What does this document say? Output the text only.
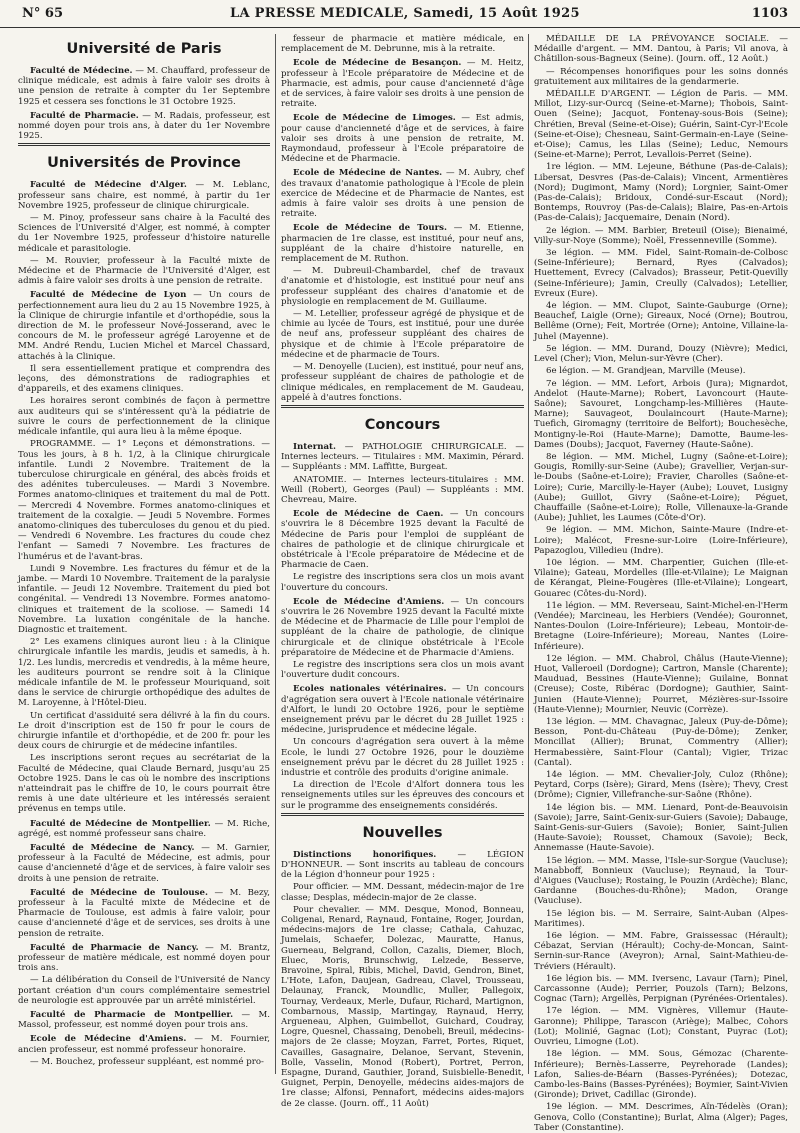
N° 65	LA PRESSE MEDICALE, Samedi, 15 Août 1925	1103
Université de Paris
Faculté de Médecine. — M. Chauffard, professeur de clinique médicale, est admis à faire valoir ses droits à une pension de retraite à compter du 1er Septembre 1925 et cessera ses fonctions le 31 Octobre 1925.
Faculté de Pharmacie. — M. Radais, professeur, est nommé doyen pour trois ans, à dater du 1er Novembre 1925.
Universités de Province
Faculté de Médecine d'Alger. — M. Leblanc, professeur sans chaire, est nommé, à partir du 1er Novembre 1925, professeur de clinique chirurgicale.
— M. Pinoy, professeur sans chaire à la Faculté des Sciences de l'Université d'Alger, est nommé, à compter du 1er Novembre 1925, professeur d'histoire naturelle médicale et parasitologie.
— M. Rouvier, professeur à la Faculté mixte de Médecine et de Pharmacie de l'Université d'Alger, est admis à faire valoir ses droits à une pension de retraite.
Faculté de Médecine de Lyon — Un cours de perfectionnement aura lieu du 2 au 15 Novembre 1925, à la Clinique de chirurgie infantile et d'orthopédie, sous la direction de M. le professeur Nové-Josserand, avec le concours de M. le professeur agrégé Laroyenne et de MM. André Rendu, Lucien Michel et Marcel Chassard, attachés à la Clinique.
Il sera essentiellement pratique et comprendra des leçons, des démonstrations de radiographies et d'appareils, et des examens cliniques.
Les horaires seront combinés de façon à permettre aux auditeurs qui se s'intéressent qu'à la pédiatrie de suivre le cours de perfectionnement de la clinique médicale infantile, qui aura lieu à la même époque.
PROGRAMME. — 1° Leçons et démonstrations. — Tous les jours, à 8 h. 1/2, à la Clinique chirurgicale infantile. Lundi 2 Novembre. Traitement de la tuberculose chirurgicale en général, des abcès froids et des adénites tuberculeuses. — Mardi 3 Novembre. Formes anatomo-cliniques et traitement du mal de Pott. — Mercredi 4 Novembre. Formes anatomo-cliniques et traitement de la coxalgie. — Jeudi 5 Novembre. Formes anatomo-cliniques des tuberculoses du genou et du pied. — Vendredi 6 Novembre. Les fractures du coude chez l'enfant — Samedi 7 Novembre. Les fractures de l'humérus et de l'avant-bras.
Lundi 9 Novembre. Les fractures du fémur et de la jambe. — Mardi 10 Novembre. Traitement de la paralysie infantile. — Jeudi 12 Novembre. Traitement du pied bot congénital. — Vendredi 13 Novembre. Formes anatomo-cliniques et traitement de la scoliose. — Samedi 14 Novembre. La luxation congénitale de la hanche. Diagnostic et traitement.
2° Les examens cliniques auront lieu : à la Clinique chirurgicale infantile les mardis, jeudis et samedis, à h. 1/2. Les lundis, mercredis et vendredis, à la même heure, les auditeurs pourront se rendre soit à la Clinique médicale infantile de M. le professeur Mouriquand, soit dans le service de chirurgie orthopédique des adultes de M. Laroyenne, à l'Hôtel-Dieu.
Un certificat d'assiduité sera délivré à la fin du cours. Le droit d'inscription est de 150 fr pour le cours de chirurgie infantile et d'orthopédie, et de 200 fr. pour les deux cours de chirurgie et de médecine infantiles.
Les inscriptions seront reçues au secrétariat de la Faculté de Médecine, quai Claude Bernard, jusqu'au 25 Octobre 1925. Dans le cas où le nombre des inscriptions n'atteindrait pas le chiffre de 10, le cours pourrait être remis à une date ultérieure et les intéressés seraient prévenus en temps utile.
Faculté de Médecine de Montpellier. — M. Riche, agrégé, est nommé professeur sans chaire.
Faculté de Médecine de Nancy. — M. Garnier, professeur à la Faculté de Médecine, est admis, pour cause d'ancienneté d'âge et de services, à faire valoir ses droits à une pension de retraite.
Faculté de Médecine de Toulouse. — M. Bezy, professeur à la Faculté mixte de Médecine et de Pharmacie de Toulouse, est admis à faire valoir, pour cause d'ancienneté d'âge et de services, ses droits à une pension de retraite.
Faculté de Pharmacie de Nancy. — M. Brantz, professeur de matière médicale, est nommé doyen pour trois ans.
— La délibération du Conseil de l'Université de Nancy portant création d'un cours complémentaire semestriel de neurologie est approuvée par un arrêté ministériel.
Faculté de Pharmacie de Montpellier. — M. Massol, professeur, est nommé doyen pour trois ans.
Ecole de Médecine d'Amiens. — M. Fournier, ancien professeur, est nommé professeur honoraire.
— M. Bouchez, professeur suppléant, est nommé pro-
fesseur de pharmacie et matière médicale, en remplacement de M. Debrunne, mis à la retraite.
Ecole de Médecine de Besançon. — M. Heitz, professeur à l'Ecole préparatoire de Médecine et de Pharmacie, est admis, pour cause d'ancienneté d'âge et de services, à faire valoir ses droits à une pension de retraite.
Ecole de Médecine de Limoges. — Est admis, pour cause d'ancienneté d'âge et de services, à faire valoir ses droits à une pension de retraite, M. Raymondaud, professeur à l'Ecole préparatoire de Médecine et de Pharmacie.
Ecole de Médecine de Nantes. — M. Aubry, chef des travaux d'anatomie pathologique à l'Ecole de plein exercice de Médecine et de Pharmacie de Nantes, est admis à faire valoir ses droits à une pension de retraite.
Ecole de Médecine de Tours. — M. Etienne, pharmacien de 1re classe, est institué, pour neuf ans, suppléant de la chaire d'histoire naturelle, en remplacement de M. Ruthon.
— M. Dubreuil-Chambardel, chef de travaux d'anatomie et d'histologie, est institué pour neuf ans professeur suppléant des chaires d'anatomie et de physiologie en remplacement de M. Guillaume.
— M. Letellier, professeur agrégé de physique et de chimie au lycée de Tours, est institué, pour une durée de neuf ans, professeur suppléant des chaires de physique et de chimie à l'Ecole préparatoire de médecine et de pharmacie de Tours.
— M. Denoyelle (Lucien), est institué, pour neuf ans, professeur suppléant de chaires de pathologie et de clinique médicales, en remplacement de M. Gaudeau, appelé à d'autres fonctions.
Concours
Internat. — PATHOLOGIE CHIRURGICALE. — Internes lecteurs. — Titulaires : MM. Maximin, Pérard. — Suppléants : MM. Laffitte, Burgeat.
ANATOMIE. — Internes lecteurs-titulaires : MM. Weill (Robert), Georges (Paul) — Suppléants : MM. Chevreau, Maire.
Ecole de Médecine de Caen. — Un concours s'ouvrira le 8 Décembre 1925 devant la Faculté de Médecine de Paris pour l'emploi de suppléant de chaires de pathologie et de clinique chirurgicale et obstétricale à l'Ecole préparatoire de Médecine et de Pharmacie de Caen.
Le registre des inscriptions sera clos un mois avant l'ouverture du concours.
Ecole de Médecine d'Amiens. — Un concours s'ouvrira le 26 Novembre 1925 devant la Faculté mixte de Médecine et de Pharmacie de Lille pour l'emploi de suppléant de la chaire de pathologie, de clinique chirurgicale et de clinique obstétricale à l'Ecole préparatoire de Médecine et de Pharmacie d'Amiens.
Le registre des inscriptions sera clos un mois avant l'ouverture dudit concours.
Ecoles nationales vétérinaires. — Un concours d'agrégation sera ouvert à l'Ecole nationale vétérinaire d'Alfort, le lundi 20 Octobre 1926, pour le septième enseignement prévu par le décret du 28 Juillet 1925 : médecine, jurisprudence et médecine légale.
Un concours d'agrégation sera ouvert à la même Ecole, le lundi 27 Octobre 1926, pour le douzième enseignement prévu par le décret du 28 Juillet 1925 : industrie et contrôle des produits d'origine animale.
La direction de l'Ecole d'Alfort donnera tous les renseignements utiles sur les épreuves des concours et sur le programme des enseignements considérés.
Nouvelles
Distinctions honorifiques. — LÉGION D'HONNEUR. — Sont inscrits au tableau de concours de la Légion d'honneur pour 1925 :
Pour officier. — MM. Dessant, médecin-major de 1re classe; Desplas, médecin-major de 2e classe.
Pour chevalier. — MM. Desque, Monod, Bonneau, Coligenai, Renard, Raynaud, Fontaine, Roger, Jourdan, médecins-majors de 1re classe; Cathala, Cahuzac, Jumelais, Schaefer, Dolezac, Mauratte, Hanus, Guerneau, Belgrand, Collon, Cazalis, Diemer, Bloch, Eluec, Moris, Brunschwig, Lelzede, Besserve, Bravoine, Spiral, Ribis, Michel, David, Gendron, Binet, L'Hote, Lafon, Daujean, Gadreau, Clavel, Trousseau, Delaunay, Franck, Moundlic, Muller, Pallegoix, Tournay, Verdeaux, Merle, Dufaur, Richard, Martignon, Combarnous, Massip, Martingay, Raynaud, Herry, Argueneau, Alphen, Guimbellot, Guichard, Coudray, Logre, Quesnel, Chassaing, Denobeli, Breuil, médecins-majors de 2e classe; Moyzan, Farret, Portes, Riquet, Cavailles, Gasagnaire, Delanoe, Servant, Stevenin, Bolle, Vasselin, Monod (Robert), Portret, Perron, Espagne, Durand, Gauthier, Jorand, Suisbielle-Benedit, Guignet, Perpin, Denoyelle, médecins aides-majors de 1re classe; Alfonsi, Pennafort, médecins aides-majors de 2e classe. (Journ. off., 11 Août)
MÉDAILLE DE LA PRÉVOYANCE SOCIALE. — Médaille d'argent. — MM. Dantou, à Paris; Vil anova, à Châtillon-sous-Bagneux (Seine). (Journ. off., 12 Août.)
— Récompenses honorifiques pour les soins donnés gratuitement aux militaires de la gendarmerie.
MÉDAILLE D'ARGENT. — Légion de Paris. — MM. Millot, Lizy-sur-Ourcq (Seine-et-Marne); Thobois, Saint-Ouen (Seine); Jacquot, Fontenay-sous-Bois (Seine); Chrétien, Breval (Seine-et-Oise); Guérin, Saint-Cyr-l'Ecole (Seine-et-Oise); Chesneau, Saint-Germain-en-Laye (Seine-et-Oise); Camus, les Lilas (Seine); Leduc, Nemours (Seine-et-Marne); Perrot, Levallois-Perret (Seine).
1re légion. — MM. Lejeune, Béthune (Pas-de-Calais); Libersat, Desvres (Pas-de-Calais); Vincent, Armentières (Nord); Dugimont, Mamy (Nord); Lorgnier, Saint-Omer (Pas-de-Calais); Bridoux, Condé-sur-Escaut (Nord); Bontemps, Rouvroy (Pas-de-Calais); Blaire, Pas-en-Artois (Pas-de-Calais); Jacquemaire, Denain (Nord).
2e légion. — MM. Barbier, Breteuil (Oise); Bienaimé, Villy-sur-Noye (Somme); Noël, Fressenneville (Somme).
3e légion. — MM. Fidel, Saint-Romain-de-Colbosc (Seine-Inférieure); Bernard, Ryes (Calvados); Huettement, Evrecy (Calvados); Brasseur, Petit-Quevilly (Seine-Inférieure); Jamin, Creully (Calvados); Letellier, Evreux (Eure).
4e légion. — MM. Clupot, Sainte-Gauburge (Orne); Beauchef, Laigle (Orne); Gireaux, Nocé (Orne); Boutrou, Bellême (Orne); Feit, Mortrée (Orne); Antoine, Villaine-la-Juhel (Mayenne).
5e légion. — MM. Durand, Douzy (Nièvre); Medici, Level (Cher); Vion, Melun-sur-Yèvre (Cher).
6e légion. — M. Grandjean, Marville (Meuse).
7e légion. — MM. Lefort, Arbois (Jura); Mignardot, Andelot (Haute-Marne); Robert, Lavoncourt (Haute-Saône); Savouret, Longchamp-les-Millières (Haute-Marne); Sauvageot, Doulaincourt (Haute-Marne); Tuefich, Giromagny (territoire de Belfort); Bouchesèche, Montigny-le-Roi (Haute-Marne); Damotte, Baume-les-Dames (Doubs); Jacquot, Faverney (Haute-Saône).
8e légion. — MM. Michel, Lugny (Saône-et-Loire); Gougis, Romilly-sur-Seine (Aube); Gravellier, Verjan-sur-le-Doubs (Saône-et-Loire); Fravier, Charolles (Saône-et-Loire); Curie, Marcilly-le-Hayer (Aube); Louvet, Lusigny (Aube); Guillot, Givry (Saône-et-Loire); Péguet, Chauffaille (Saône-et-Loire); Rolle, Villenauxe-la-Grande (Aube); Juhliet, les Laumes (Côte-d'Or).
9e légion. — MM. Michon, Sainte-Maure (Indre-et-Loire); Malécot, Fresne-sur-Loire (Loire-Inférieure), Papazoglou, Villedieu (Indre).
10e légion. — MM. Charpentier, Guichen (Ille-et-Vilaine); Gateau, Mordelles (Ille-et-Vilaine); Le Maignan de Kérangat, Pleine-Fougères (Ille-et-Vilaine); Longeart, Gouarec (Côtes-du-Nord).
11e légion. — MM. Reverseau, Saint-Michel-en-l'Herm (Vendée); Marcineau, les Herbiers (Vendée); Gouronnet, Nantes-Doulon (Loire-Inférieure); Lebeau, Montoir-de-Bretagne (Loire-Inférieure); Moreau, Nantes (Loire-Inférieure).
12e légion. — MM. Chabrol, Châlus (Haute-Vienne); Huot, Valleroeil (Dordogne); Cartron, Mansle (Charente); Mauduad, Bessines (Haute-Vienne); Guilaine, Bonnat (Creuse); Coste, Ribérac (Dordogne); Gauthier, Saint-Junien (Haute-Vienne); Pourret, Mézières-sur-Issoire (Haute-Vienne); Mournier, Neuvic (Corrèze).
13e légion. — MM. Chavagnac, Jaleux (Puy-de-Dôme); Besson, Pont-du-Château (Puy-de-Dôme); Zenker, Moncillat (Allier); Brunat, Commentry (Allier); Hermabessière, Saint-Flour (Cantal); Vigier, Trizac (Cantal).
14e légion. — MM. Chevalier-Joly, Culoz (Rhône); Peytard, Corps (Isère); Girard, Mens (Isère); Thevy, Crest (Drôme); Cignier, Villefranche-sur-Saône (Rhône).
14e légion bis. — MM. Lienard, Pont-de-Beauvoisin (Savoie); Jarre, Saint-Genix-sur-Guiers (Savoie); Dabauge, Saint-Genis-sur-Guiers (Savoie); Bonier, Saint-Julien (Haute-Savoie); Rousset, Chamoux (Savoie); Beck, Annemasse (Haute-Savoie).
15e légion. — MM. Masse, l'Isle-sur-Sorgue (Vaucluse); Manabboff, Bonnieux (Vaucluse); Reynaud, la Tour-d'Aigues (Vaucluse); Rostaing, le Pouzin (Ardèche); Blanc, Gardanne (Bouches-du-Rhône); Madon, Orange (Vaucluse).
15e légion bis. — M. Serraire, Saint-Auban (Alpes-Maritimes).
16e légion. — MM. Fabre, Graissessac (Hérault); Cébazat, Servian (Hérault); Cochy-de-Moncan, Saint-Sernin-sur-Rance (Aveyron); Arnal, Saint-Mathieu-de-Tréviers (Hérault).
16e légion bis. — MM. Iversenc, Lavaur (Tarn); Pinel, Carcassonne (Aude); Perrier, Pouzols (Tarn); Belzons, Cognac (Tarn); Argellès, Perpignan (Pyrénées-Orientales).
17e légion. — MM. Vignères, Villemur (Haute-Garonne); Philippe, Tarascon (Ariège); Malbec, Cohors (Lot); Molinié, Gagnac (Lot); Constant, Puyrac (Lot); Ouvrieu, Limogne (Lot).
18e légion. — MM. Sous, Gémozac (Charente-Inférieure); Bernès-Lasserre, Peyrehorade (Landes); Lafon, Salies-de-Béarn (Basses-Pyrénées); Dotezac, Cambo-les-Bains (Basses-Pyrénées); Boymier, Saint-Vivien (Gironde); Drivet, Cadillac (Gironde).
19e légion. — MM. Descrimes, Aïn-Tédelès (Oran); Genova, Collo (Constantine); Burlat, Alma (Alger); Pages, Taber (Constantine).
